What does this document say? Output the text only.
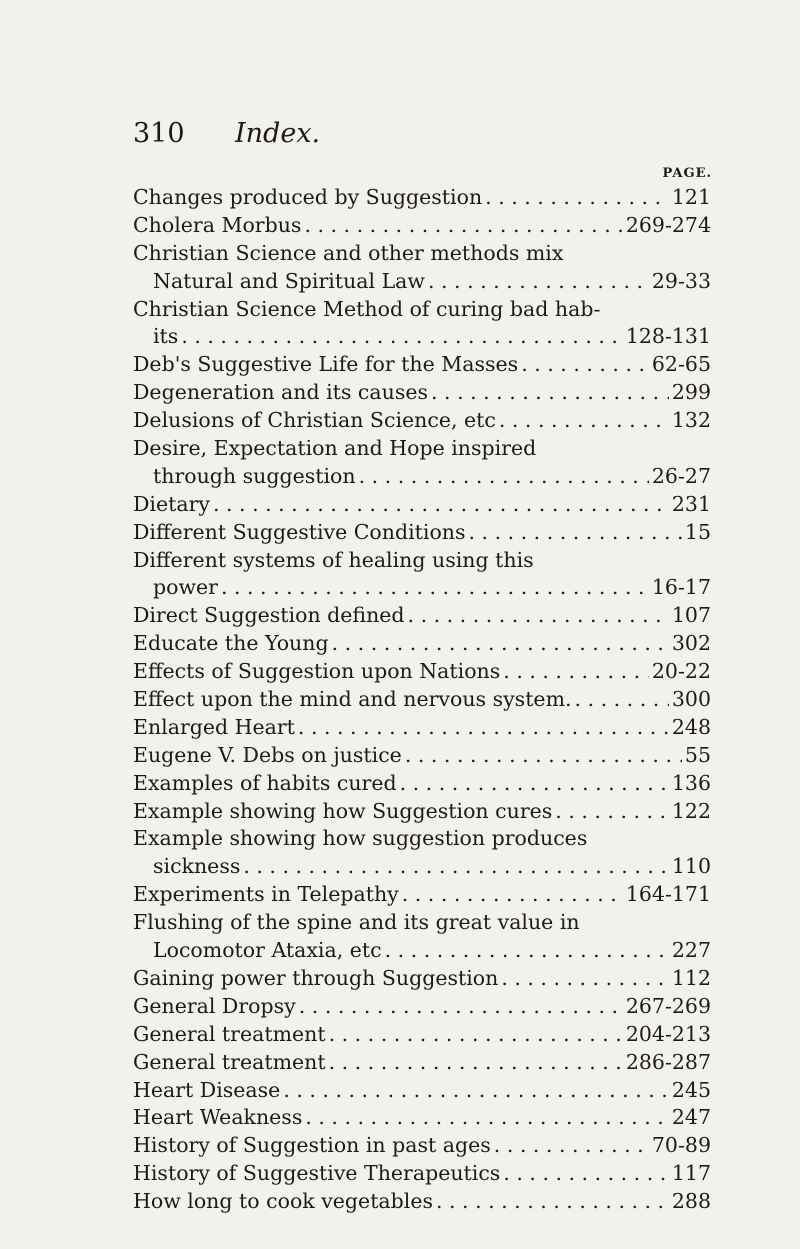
310 Index.
PAGE.
Changes produced by Suggestion . . .	121
Cholera Morbus . . .	269-274
Christian Science and other methods mix
Natural and Spiritual Law . . .	29-33
Christian Science Method of curing bad hab-
its . . .	128-131
Deb's Suggestive Life for the Masses . . .	62-65
Degeneration and its causes . . .	299
Delusions of Christian Science, etc . . .	132
Desire, Expectation and Hope inspired
through suggestion . . .	26-27
Dietary . . .	231
Different Suggestive Conditions . . .	15
Different systems of healing using this
power . . .	16-17
Direct Suggestion defined . . .	107
Educate the Young . . .	302
Effects of Suggestion upon Nations . . .	20-22
Effect upon the mind and nervous system. . . .	300
Enlarged Heart . . .	248
Eugene V. Debs on justice . . .	55
Examples of habits cured . . .	136
Example showing how Suggestion cures . . .	122
Example showing how suggestion produces
sickness . . .	110
Experiments in Telepathy . . .	164-171
Flushing of the spine and its great value in
Locomotor Ataxia, etc . . .	227
Gaining power through Suggestion . . .	112
General Dropsy . . .	267-269
General treatment . . .	204-213
General treatment . . .	286-287
Heart Disease . . .	245
Heart Weakness . . .	247
History of Suggestion in past ages . . .	70-89
History of Suggestive Therapeutics . . .	117
How long to cook vegetables . . .	288
